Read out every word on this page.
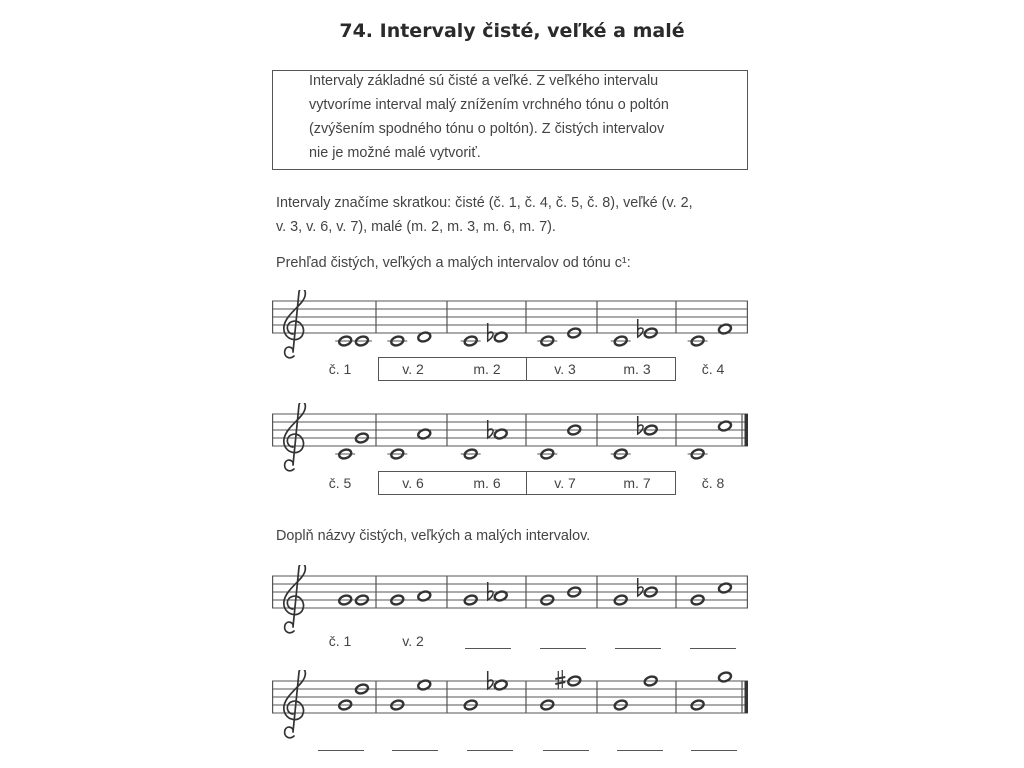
74. Intervaly čisté, veľké a malé
Intervaly základné sú čisté a veľké. Z veľkého intervalu
vytvoríme interval malý znížením vrchného tónu o poltón
(zvýšením spodného tónu o poltón). Z čistých intervalov
nie je možné malé vytvoriť.
Intervaly značíme skratkou: čisté (č. 1, č. 4, č. 5, č. 8), veľké (v. 2,
v. 3, v. 6, v. 7), malé (m. 2, m. 3, m. 6, m. 7).
Prehľad čistých, veľkých a malých intervalov od tónu c¹:
č. 1	v. 2	m. 2	v. 3	m. 3	č. 4
č. 5	v. 6	m. 6	v. 7	m. 7	č. 8
Doplň názvy čistých, veľkých a malých intervalov.
č. 1	v. 2
